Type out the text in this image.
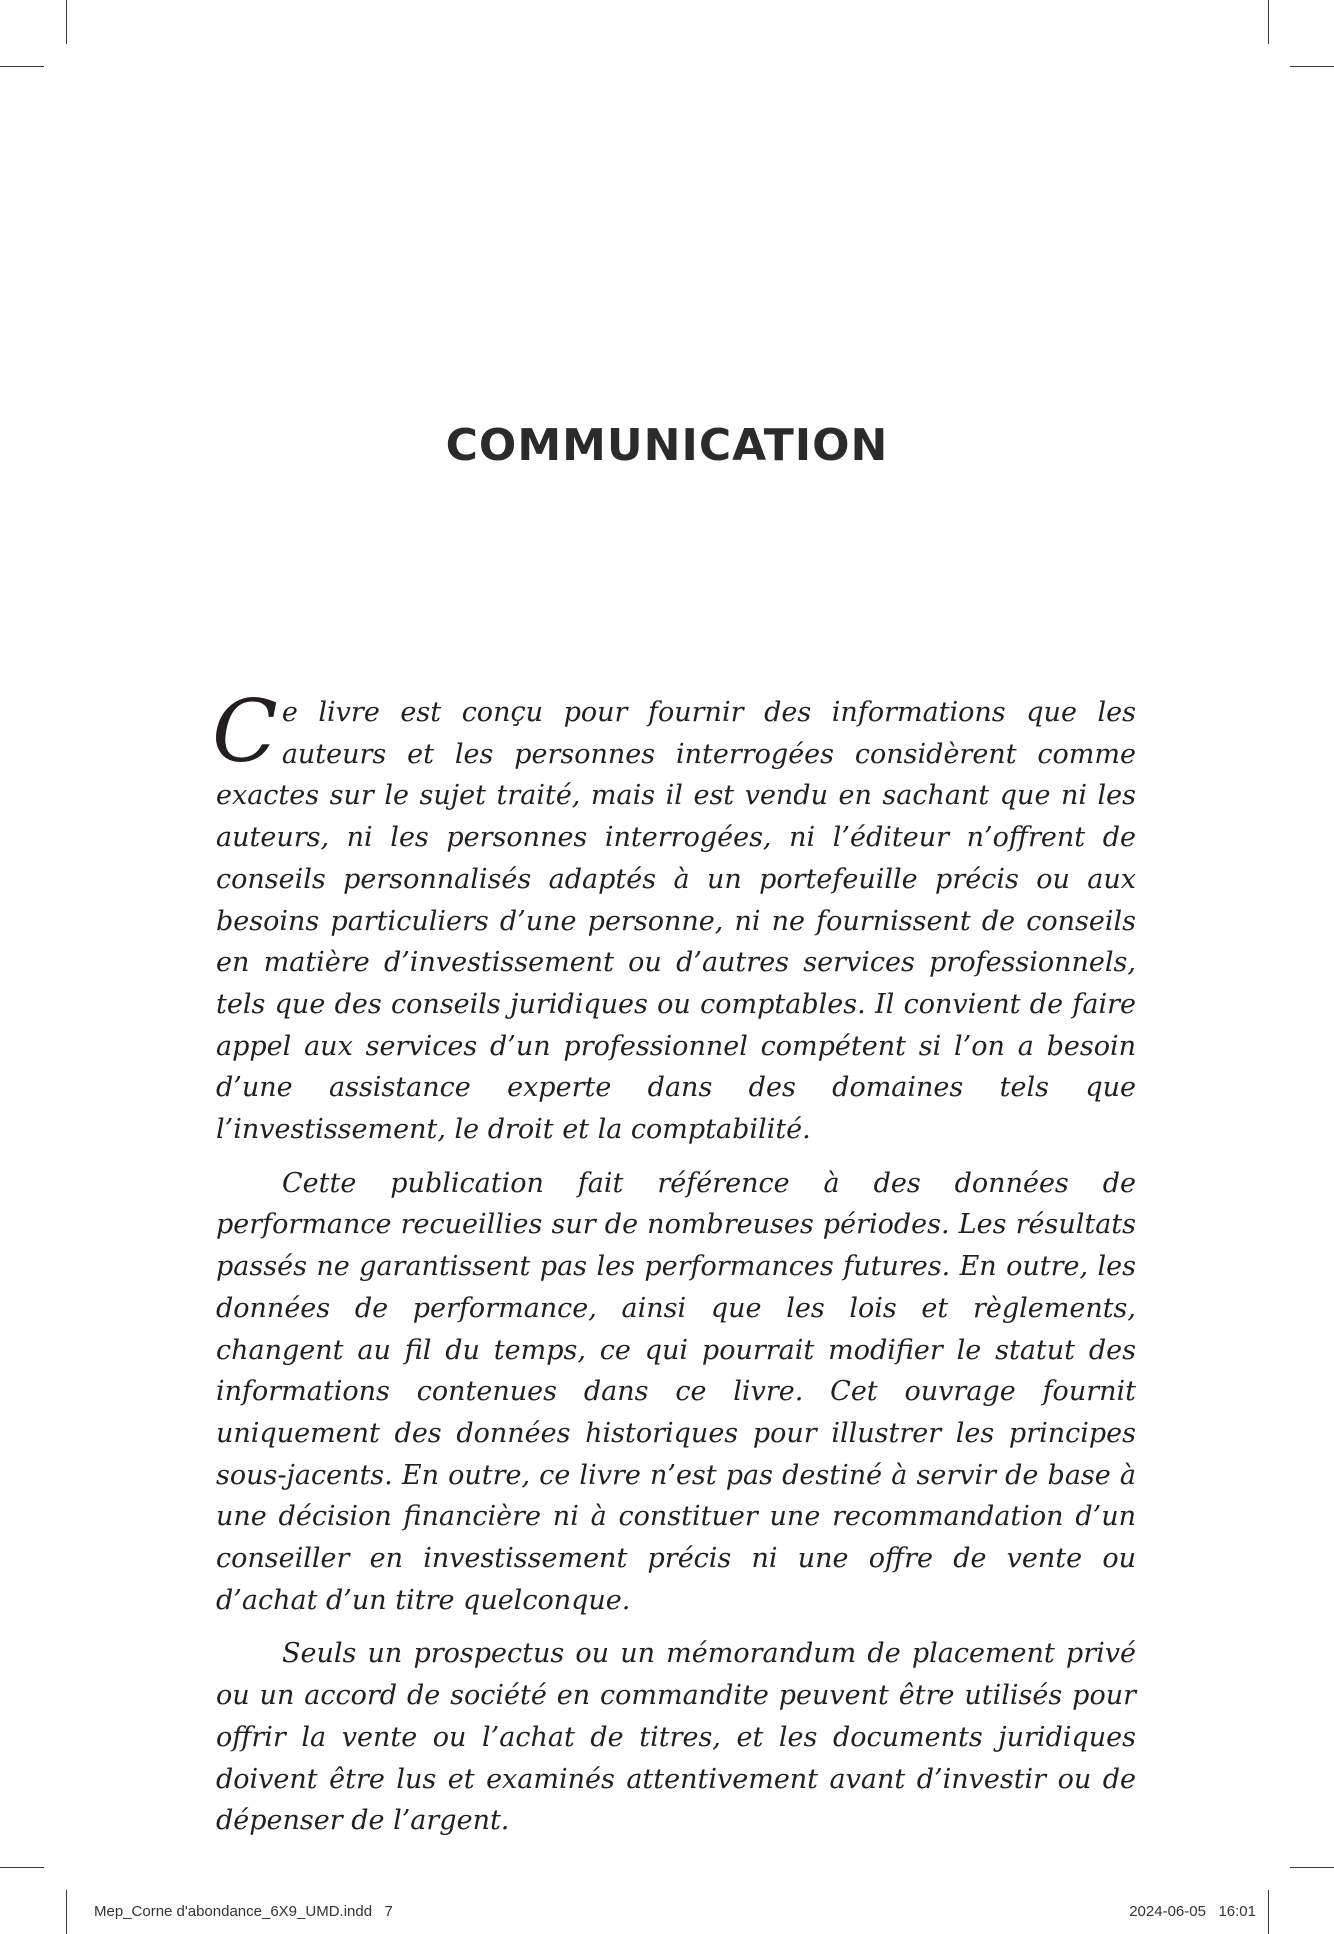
COMMUNICATION

Ce livre est conçu pour fournir des informations que les auteurs et les personnes interrogées considèrent comme exactes sur le sujet traité, mais il est vendu en sachant que ni les auteurs, ni les personnes interrogées, ni l’éditeur n’offrent de conseils personnalisés adaptés à un portefeuille précis ou aux besoins particuliers d’une personne, ni ne fournissent de conseils en matière d’investissement ou d’autres services professionnels, tels que des conseils juridiques ou comptables. Il convient de faire appel aux services d’un professionnel compétent si l’on a besoin d’une assistance experte dans des domaines tels que l’investissement, le droit et la comptabilité.

Cette publication fait référence à des données de performance recueillies sur de nombreuses périodes. Les résultats passés ne garantissent pas les performances futures. En outre, les données de performance, ainsi que les lois et règlements, changent au fil du temps, ce qui pourrait modifier le statut des informations contenues dans ce livre. Cet ouvrage fournit uniquement des données historiques pour illustrer les principes sous-jacents. En outre, ce livre n’est pas destiné à servir de base à une décision financière ni à constituer une recommandation d’un conseiller en investissement précis ni une offre de vente ou d’achat d’un titre quelconque.

Seuls un prospectus ou un mémorandum de placement privé ou un accord de société en commandite peuvent être utilisés pour offrir la vente ou l’achat de titres, et les documents juridiques doivent être lus et examinés attentivement avant d’investir ou de dépenser de l’argent.

Mep_Corne d'abondance_6X9_UMD.indd   7	2024-06-05   16:01
